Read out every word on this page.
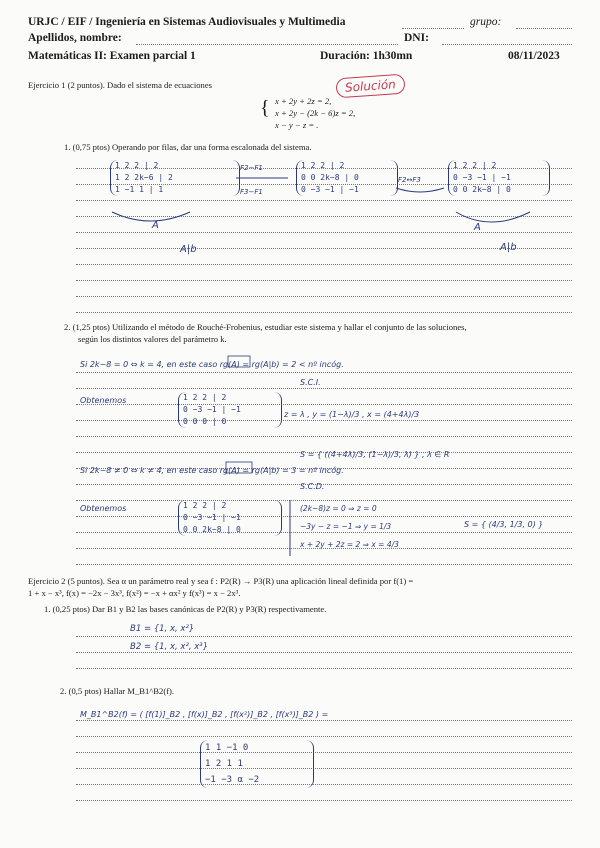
URJC / EIF / Ingeniería en Sistemas Audiovisuales y Multimedia	grupo:
Apellidos, nombre:	DNI:
Matemáticas II: Examen parcial 1	Duración: 1h30mn	08/11/2023
Solución
Ejercicio 1 (2 puntos). Dado el sistema de ecuaciones
{ x + 2y + 2z = 2,
x + 2y − (2k − 6)z = 2,
x − y − z = .
1. (0,75 ptos) Operando por filas, dar una forma escalonada del sistema.
1 2 2 | 2
1 2 2k−6 | 2
1 −1 1 | 1
F2−F1
F3−F1
1 2 2 | 2
0 0 2k−8 | 0
0 −3 −1 | −1
F2↔F3
1 2 2 | 2
0 −3 −1 | −1
0 0 2k−8 | 0
A	A
A|b	A|b
2. (1,25 ptos) Utilizando el método de Rouché-Frobenius, estudiar este sistema y hallar el conjunto de las soluciones,
según los distintos valores del parámetro k.
Si 2k−8 = 0 ⇔ k = 4, en este caso rg(A) = rg(A|b) = 2 < nº incóg.
S.C.I.
Obtenemos	1 2 2 | 2
0 −3 −1 | −1
0 0 0 | 0
z = λ , y = (1−λ)/3 , x = (4+4λ)/3
S = { ((4+4λ)/3, (1−λ)/3, λ) } , λ ∈ R
Si 2k−8 ≠ 0 ⇔ k ≠ 4, en este caso rg(A) = rg(A|b) = 3 = nº incóg.
S.C.D.
Obtenemos	1 2 2 | 2
0 −3 −1 | −1
0 0 2k−8 | 0
(2k−8)z = 0 ⇒ z = 0
−3y − z = −1 ⇒ y = 1/3
x + 2y + 2z = 2 ⇒ x = 4/3
S = { (4/3, 1/3, 0) }
Ejercicio 2 (5 puntos). Sea α un parámetro real y sea f : P2(R) → P3(R) una aplicación lineal definida por f(1) =
1 + x − x³, f(x) = −2x − 3x³, f(x²) = −x + αx² y f(x³) = x − 2x³.
1. (0,25 ptos) Dar B1 y B2 las bases canónicas de P2(R) y P3(R) respectivamente.
B1 = {1, x, x²}
B2 = {1, x, x², x³}
2. (0,5 ptos) Hallar M_B1^B2(f).
M_B1^B2(f) = ( [f(1)]_B2 , [f(x)]_B2 , [f(x²)]_B2 , [f(x³)]_B2 ) =
1 1 −1 0
1 2 1 1
−1 −3 α −2
